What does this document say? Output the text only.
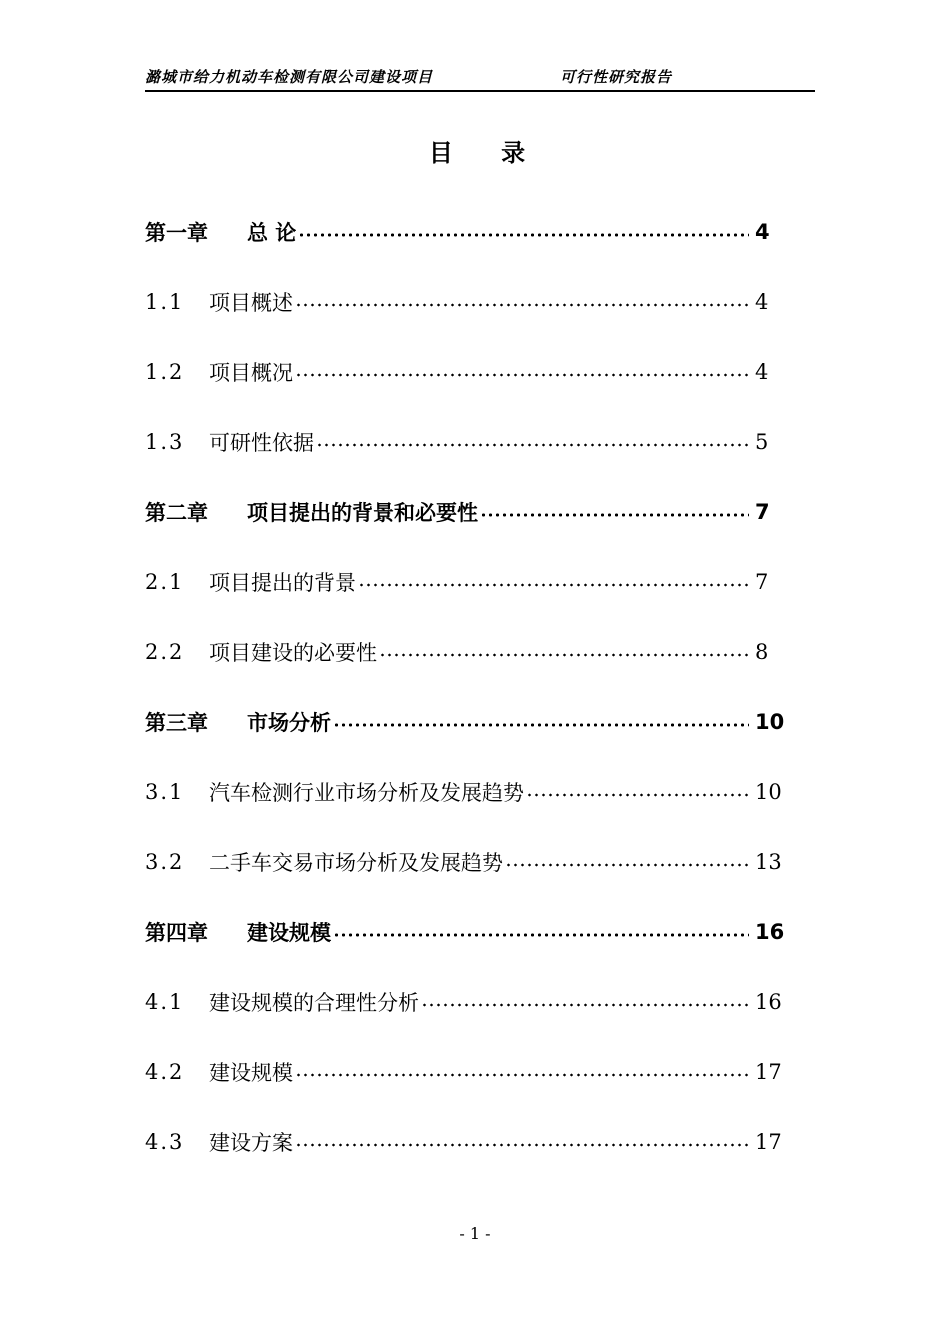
潞城市给力机动车检测有限公司建设项目	可行性研究报告
目 录
第一章	总 论	4
1.1	项目概述	4
1.2	项目概况	4
1.3	可研性依据	5
第二章	项目提出的背景和必要性	7
2.1	项目提出的背景	7
2.2	项目建设的必要性	8
第三章	市场分析	10
3.1	汽车检测行业市场分析及发展趋势	10
3.2	二手车交易市场分析及发展趋势	13
第四章	建设规模	16
4.1	建设规模的合理性分析	16
4.2	建设规模	17
4.3	建设方案	17
- 1 -
